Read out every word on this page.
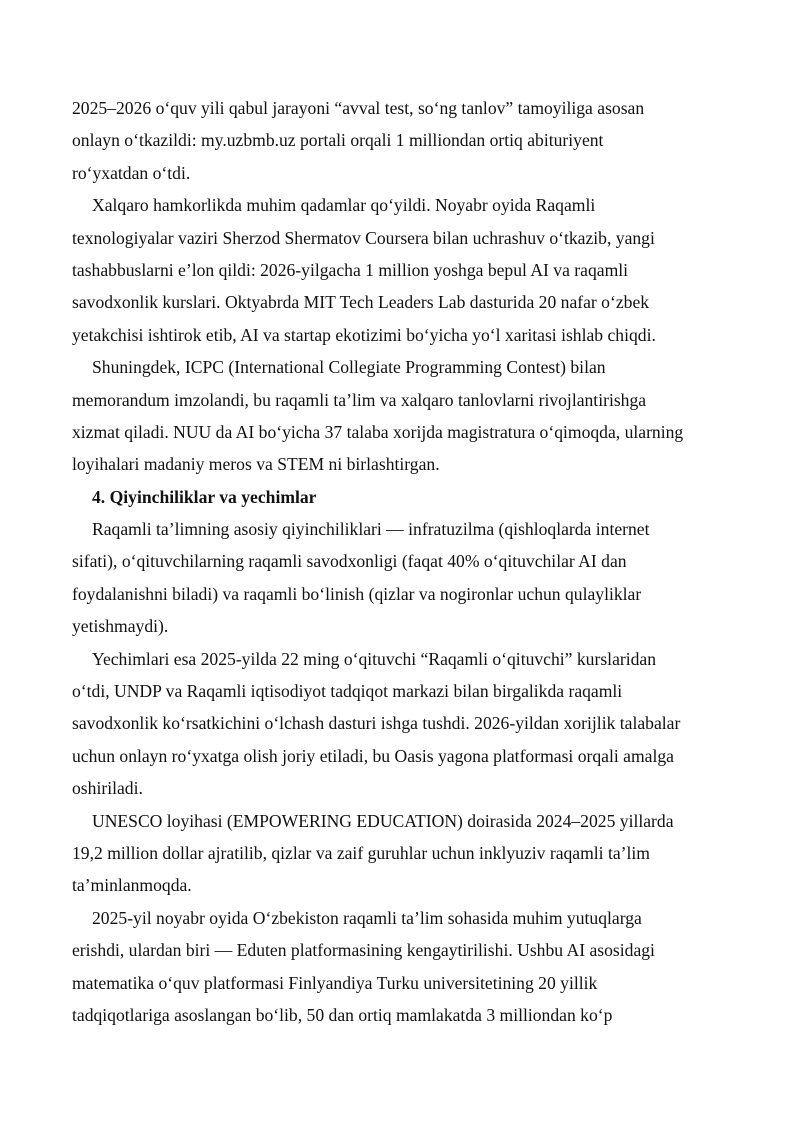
2025–2026 o‘quv yili qabul jarayoni “avval test, so‘ng tanlov” tamoyiliga asosan
onlayn o‘tkazildi: my.uzbmb.uz portali orqali 1 milliondan ortiq abituriyent
ro‘yxatdan o‘tdi.
Xalqaro hamkorlikda muhim qadamlar qo‘yildi. Noyabr oyida Raqamli
texnologiyalar vaziri Sherzod Shermatov Coursera bilan uchrashuv o‘tkazib, yangi
tashabbuslarni e’lon qildi: 2026-yilgacha 1 million yoshga bepul AI va raqamli
savodxonlik kurslari. Oktyabrda MIT Tech Leaders Lab dasturida 20 nafar o‘zbek
yetakchisi ishtirok etib, AI va startap ekotizimi bo‘yicha yo‘l xaritasi ishlab chiqdi.
Shuningdek, ICPC (International Collegiate Programming Contest) bilan
memorandum imzolandi, bu raqamli ta’lim va xalqaro tanlovlarni rivojlantirishga
xizmat qiladi. NUU da AI bo‘yicha 37 talaba xorijda magistratura o‘qimoqda, ularning
loyihalari madaniy meros va STEM ni birlashtirgan.
4. Qiyinchiliklar va yechimlar
Raqamli ta’limning asosiy qiyinchiliklari — infratuzilma (qishloqlarda internet
sifati), o‘qituvchilarning raqamli savodxonligi (faqat 40% o‘qituvchilar AI dan
foydalanishni biladi) va raqamli bo‘linish (qizlar va nogironlar uchun qulayliklar
yetishmaydi).
Yechimlari esa 2025-yilda 22 ming o‘qituvchi “Raqamli o‘qituvchi” kurslaridan
o‘tdi, UNDP va Raqamli iqtisodiyot tadqiqot markazi bilan birgalikda raqamli
savodxonlik ko‘rsatkichini o‘lchash dasturi ishga tushdi. 2026-yildan xorijlik talabalar
uchun onlayn ro‘yxatga olish joriy etiladi, bu Oasis yagona platformasi orqali amalga
oshiriladi.
UNESCO loyihasi (EMPOWERING EDUCATION) doirasida 2024–2025 yillarda
19,2 million dollar ajratilib, qizlar va zaif guruhlar uchun inklyuziv raqamli ta’lim
ta’minlanmoqda.
2025-yil noyabr oyida O‘zbekiston raqamli ta’lim sohasida muhim yutuqlarga
erishdi, ulardan biri — Eduten platformasining kengaytirilishi. Ushbu AI asosidagi
matematika o‘quv platformasi Finlyandiya Turku universitetining 20 yillik
tadqiqotlariga asoslangan bo‘lib, 50 dan ortiq mamlakatda 3 milliondan ko‘p
